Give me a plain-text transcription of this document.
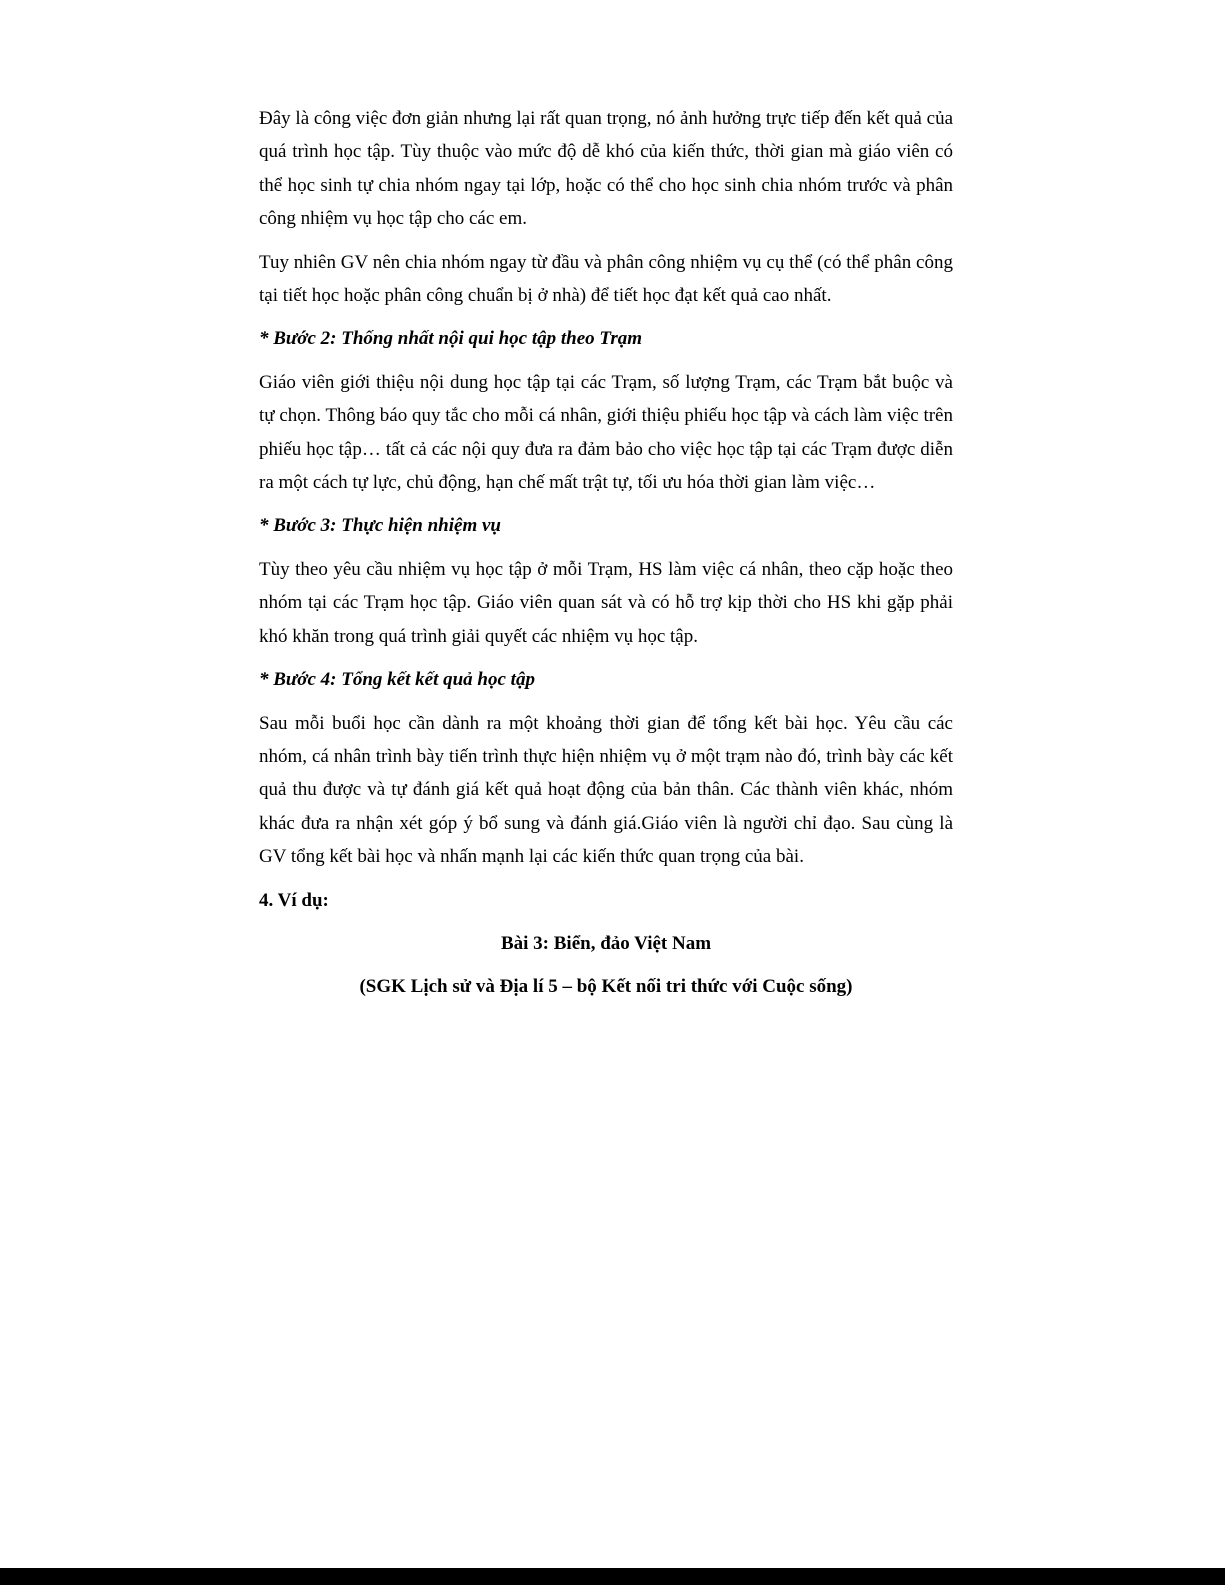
Đây là công việc đơn giản nhưng lại rất quan trọng, nó ảnh hưởng trực tiếp đến kết quả của quá trình học tập. Tùy thuộc vào mức độ dễ khó của kiến thức, thời gian mà giáo viên có thể học sinh tự chia nhóm ngay tại lớp, hoặc có thể cho học sinh chia nhóm trước và phân công nhiệm vụ học tập cho các em.

Tuy nhiên GV nên chia nhóm ngay từ đầu và phân công nhiệm vụ cụ thể (có thể phân công tại tiết học hoặc phân công chuẩn bị ở nhà) để tiết học đạt kết quả cao nhất.

* Bước 2: Thống nhất nội qui học tập theo Trạm

Giáo viên giới thiệu nội dung học tập tại các Trạm, số lượng Trạm, các Trạm bắt buộc và tự chọn. Thông báo quy tắc cho mỗi cá nhân, giới thiệu phiếu học tập và cách làm việc trên phiếu học tập… tất cả các nội quy đưa ra đảm bảo cho việc học tập tại các Trạm được diễn ra một cách tự lực, chủ động, hạn chế mất trật tự, tối ưu hóa thời gian làm việc…

* Bước 3: Thực hiện nhiệm vụ

Tùy theo yêu cầu nhiệm vụ học tập ở mỗi Trạm, HS làm việc cá nhân, theo cặp hoặc theo nhóm tại các Trạm học tập. Giáo viên quan sát và có hỗ trợ kịp thời cho HS khi gặp phải khó khăn trong quá trình giải quyết các nhiệm vụ học tập.

* Bước 4: Tổng kết kết quả học tập

Sau mỗi buổi học cần dành ra một khoảng thời gian để tổng kết bài học. Yêu cầu các nhóm, cá nhân trình bày tiến trình thực hiện nhiệm vụ ở một trạm nào đó, trình bày các kết quả thu được và tự đánh giá kết quả hoạt động của bản thân. Các thành viên khác, nhóm khác đưa ra nhận xét góp ý bổ sung và đánh giá.Giáo viên là người chỉ đạo. Sau cùng là GV tổng kết bài học và nhấn mạnh lại các kiến thức quan trọng của bài.

4. Ví dụ:

Bài 3: Biển, đảo Việt Nam

(SGK Lịch sử và Địa lí 5 – bộ Kết nối tri thức với Cuộc sống)
